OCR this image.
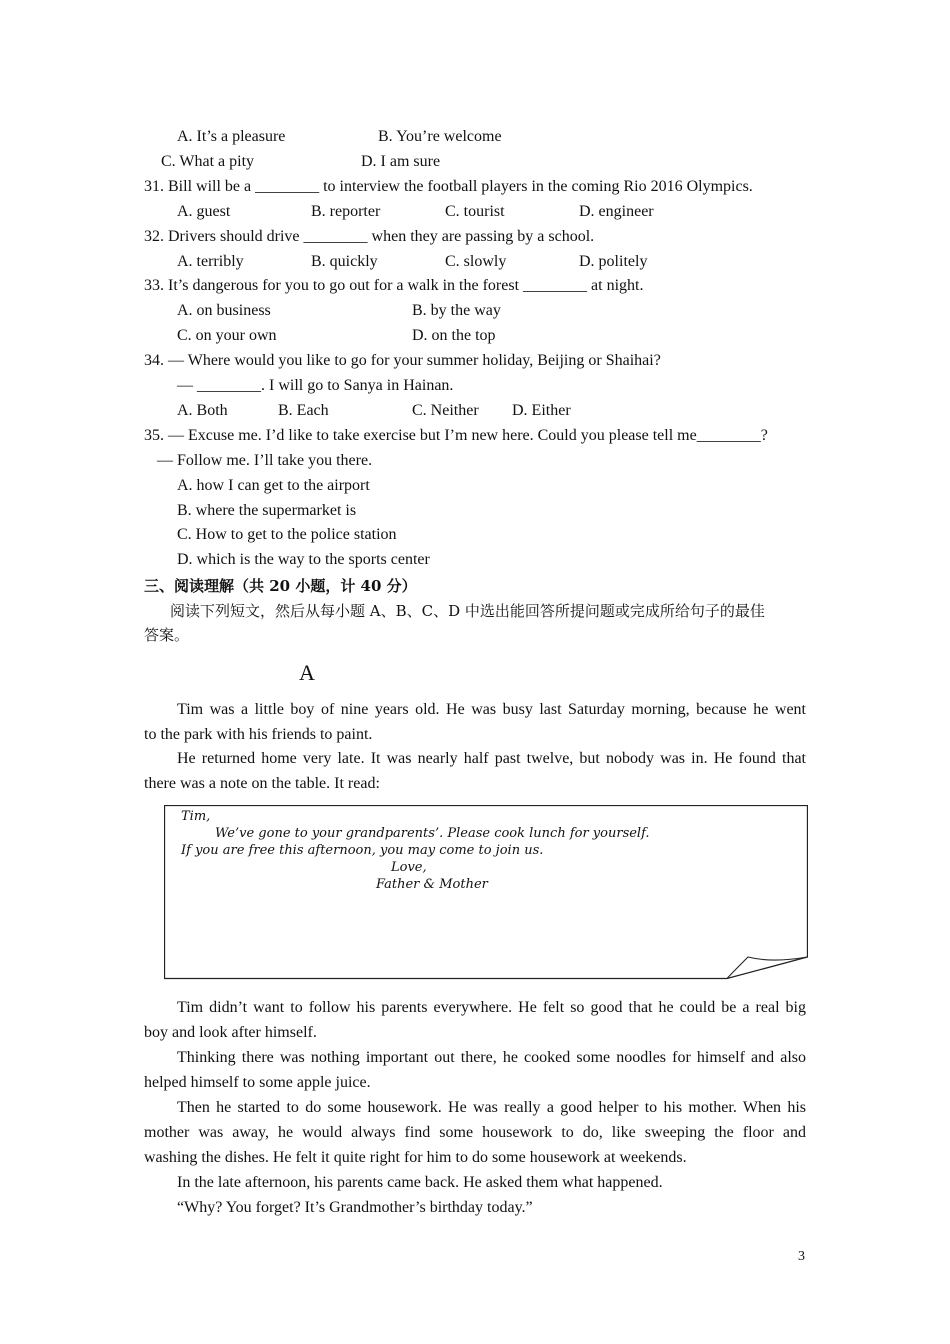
A. It’s a pleasure	B. You’re welcome
C. What a pity	D. I am sure
31. Bill will be a ________ to interview the football players in the coming Rio 2016 Olympics.
A. guest	B. reporter	C. tourist	D. engineer
32. Drivers should drive ________ when they are passing by a school.
A. terribly	B. quickly	C. slowly	D. politely
33. It’s dangerous for you to go out for a walk in the forest ________ at night.
A. on business	B. by the way
C. on your own	D. on the top
34. — Where would you like to go for your summer holiday, Beijing or Shaihai?
— ________. I will go to Sanya in Hainan.
A. Both	B. Each	C. Neither D. Either
35. — Excuse me. I’d like to take exercise but I’m new here. Could you please tell me________?
— Follow me. I’ll take you there.
A. how I can get to the airport
B. where the supermarket is
C. How to get to the police station
D. which is the way to the sports center
三、阅读理解（共 20 小题，计 40 分）
阅读下列短文，然后从每小题 A、B、C、D 中选出能回答所提问题或完成所给句子的最佳
答案。
A
Tim was a little boy of nine years old. He was busy last Saturday morning, because he went
to the park with his friends to paint.
He returned home very late. It was nearly half past twelve, but nobody was in. He found that
there was a note on the table. It read:
Tim,
We’ve gone to your grandparents’. Please cook lunch for yourself.
If you are free this afternoon, you may come to join us.
Love,
Father & Mother
Tim didn’t want to follow his parents everywhere. He felt so good that he could be a real big
boy and look after himself.
Thinking there was nothing important out there, he cooked some noodles for himself and also
helped himself to some apple juice.
Then he started to do some housework. He was really a good helper to his mother. When his
mother was away, he would always find some housework to do, like sweeping the floor and
washing the dishes. He felt it quite right for him to do some housework at weekends.
In the late afternoon, his parents came back. He asked them what happened.
“Why? You forget? It’s Grandmother’s birthday today.”
3
